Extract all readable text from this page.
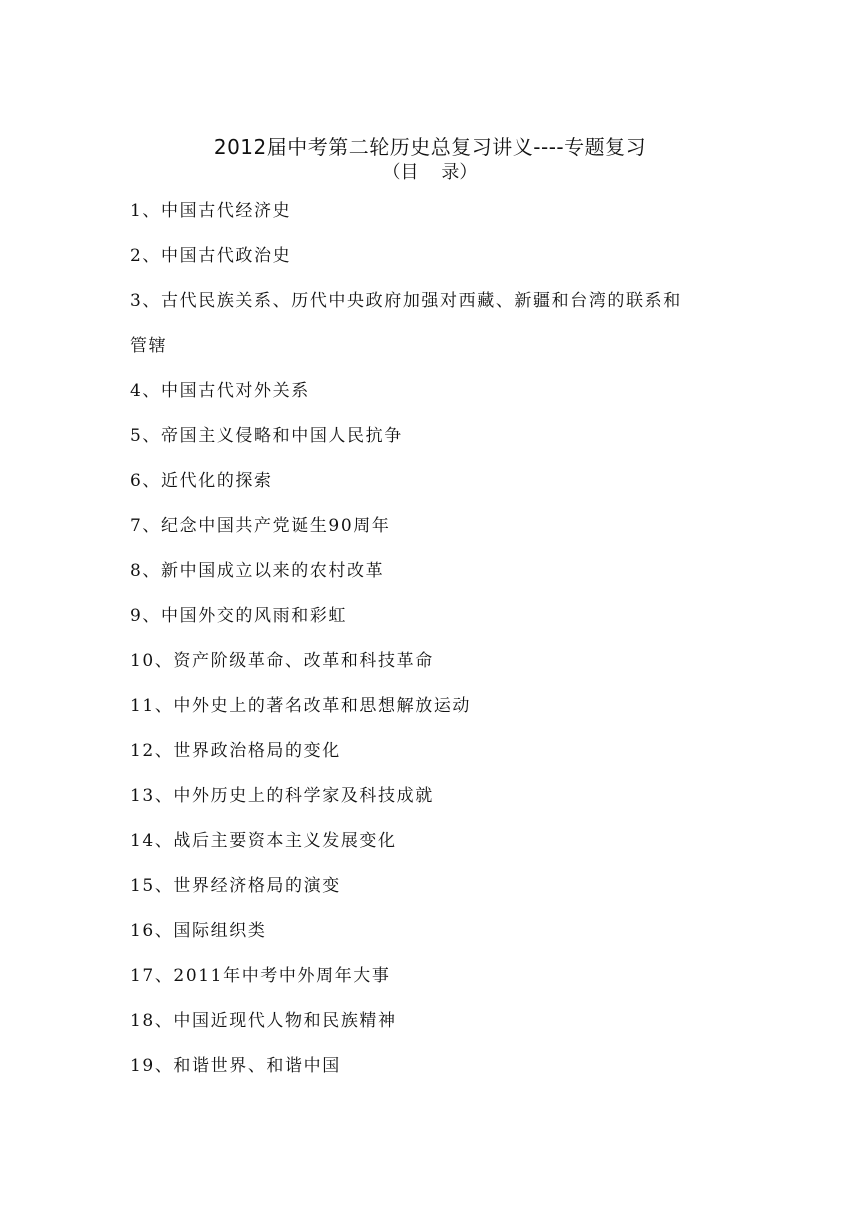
2012届中考第二轮历史总复习讲义----专题复习
（目    录）
1、中国古代经济史
2、中国古代政治史
3、古代民族关系、历代中央政府加强对西藏、新疆和台湾的联系和
管辖
4、中国古代对外关系
5、帝国主义侵略和中国人民抗争
6、近代化的探索
7、纪念中国共产党诞生90周年
8、新中国成立以来的农村改革
9、中国外交的风雨和彩虹
10、资产阶级革命、改革和科技革命
11、中外史上的著名改革和思想解放运动
12、世界政治格局的变化
13、中外历史上的科学家及科技成就
14、战后主要资本主义发展变化
15、世界经济格局的演变
16、国际组织类
17、2011年中考中外周年大事
18、中国近现代人物和民族精神
19、和谐世界、和谐中国
